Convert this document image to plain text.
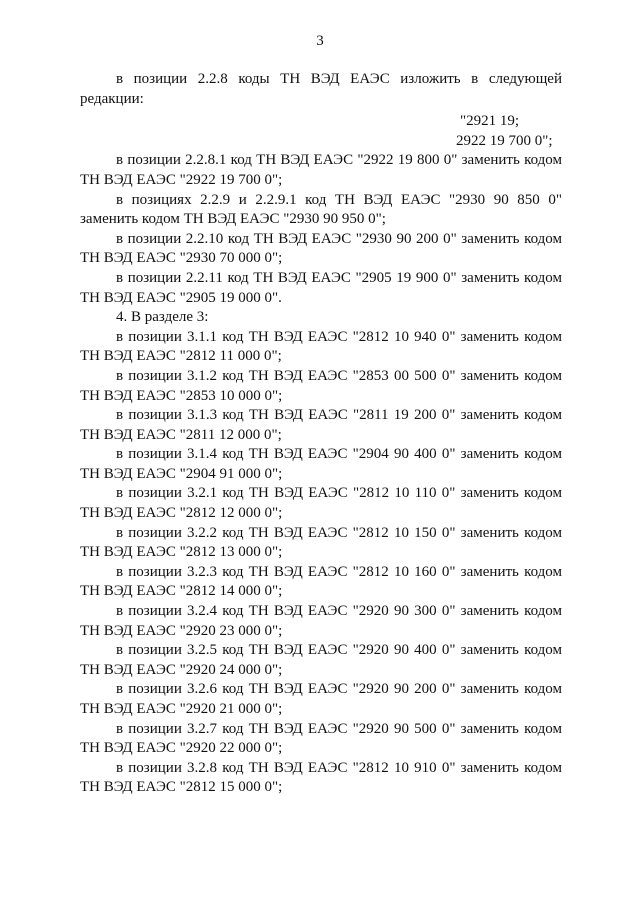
3

в позиции 2.2.8 коды ТН ВЭД ЕАЭС изложить в следующей редакции:

"2921 19;
2922 19 700 0";

в позиции 2.2.8.1 код ТН ВЭД ЕАЭС "2922 19 800 0" заменить кодом ТН ВЭД ЕАЭС "2922 19 700 0";

в позициях 2.2.9 и 2.2.9.1 код ТН ВЭД ЕАЭС "2930 90 850 0" заменить кодом ТН ВЭД ЕАЭС "2930 90 950 0";

в позиции 2.2.10 код ТН ВЭД ЕАЭС "2930 90 200 0" заменить кодом ТН ВЭД ЕАЭС "2930 70 000 0";

в позиции 2.2.11 код ТН ВЭД ЕАЭС "2905 19 900 0" заменить кодом ТН ВЭД ЕАЭС "2905 19 000 0".

4. В разделе 3:

в позиции 3.1.1 код ТН ВЭД ЕАЭС "2812 10 940 0" заменить кодом ТН ВЭД ЕАЭС "2812 11 000 0";

в позиции 3.1.2 код ТН ВЭД ЕАЭС "2853 00 500 0" заменить кодом ТН ВЭД ЕАЭС "2853 10 000 0";

в позиции 3.1.3 код ТН ВЭД ЕАЭС "2811 19 200 0" заменить кодом ТН ВЭД ЕАЭС "2811 12 000 0";

в позиции 3.1.4 код ТН ВЭД ЕАЭС "2904 90 400 0" заменить кодом ТН ВЭД ЕАЭС "2904 91 000 0";

в позиции 3.2.1 код ТН ВЭД ЕАЭС "2812 10 110 0" заменить кодом ТН ВЭД ЕАЭС "2812 12 000 0";

в позиции 3.2.2 код ТН ВЭД ЕАЭС "2812 10 150 0" заменить кодом ТН ВЭД ЕАЭС "2812 13 000 0";

в позиции 3.2.3 код ТН ВЭД ЕАЭС "2812 10 160 0" заменить кодом ТН ВЭД ЕАЭС "2812 14 000 0";

в позиции 3.2.4 код ТН ВЭД ЕАЭС "2920 90 300 0" заменить кодом ТН ВЭД ЕАЭС "2920 23 000 0";

в позиции 3.2.5 код ТН ВЭД ЕАЭС "2920 90 400 0" заменить кодом ТН ВЭД ЕАЭС "2920 24 000 0";

в позиции 3.2.6 код ТН ВЭД ЕАЭС "2920 90 200 0" заменить кодом ТН ВЭД ЕАЭС "2920 21 000 0";

в позиции 3.2.7 код ТН ВЭД ЕАЭС "2920 90 500 0" заменить кодом ТН ВЭД ЕАЭС "2920 22 000 0";

в позиции 3.2.8 код ТН ВЭД ЕАЭС "2812 10 910 0" заменить кодом ТН ВЭД ЕАЭС "2812 15 000 0";
